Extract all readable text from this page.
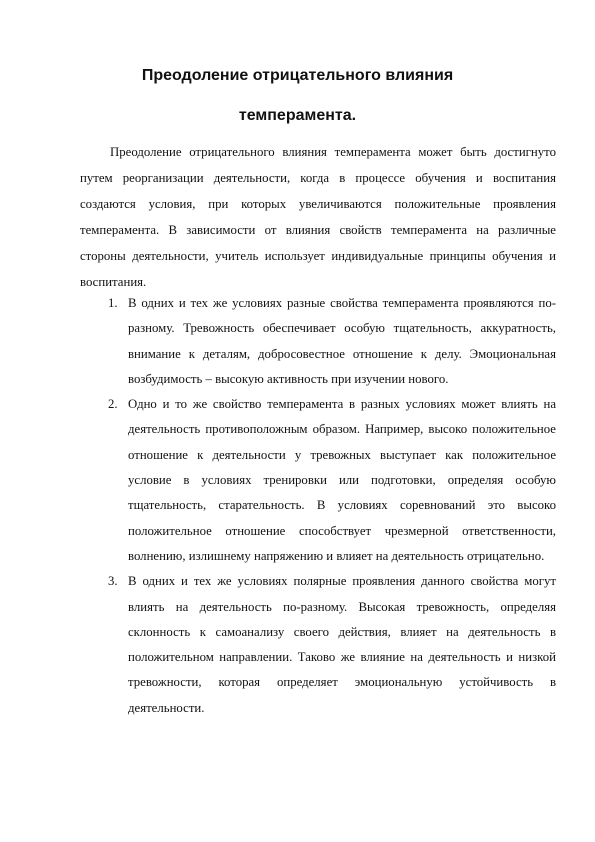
Преодоление отрицательного влияния
темперамента.

Преодоление отрицательного влияния темперамента может быть достигнуто путем реорганизации деятельности, когда в процессе обучения и воспитания создаются условия, при которых увеличиваются положительные проявления темперамента. В зависимости от влияния свойств темперамента на различные стороны деятельности, учитель использует индивидуальные принципы обучения и воспитания.

1. В одних и тех же условиях разные свойства темперамента проявляются по-разному. Тревожность обеспечивает особую тщательность, аккуратность, внимание к деталям, добросовестное отношение к делу. Эмоциональная возбудимость – высокую активность при изучении нового.
2. Одно и то же свойство темперамента в разных условиях может влиять на деятельность противоположным образом. Например, высоко положительное отношение к деятельности у тревожных выступает как положительное условие в условиях тренировки или подготовки, определяя особую тщательность, старательность. В условиях соревнований это высоко положительное отношение способствует чрезмерной ответственности, волнению, излишнему напряжению и влияет на деятельность отрицательно.
3. В одних и тех же условиях полярные проявления данного свойства могут влиять на деятельность по-разному. Высокая тревожность, определяя склонность к самоанализу своего действия, влияет на деятельность в положительном направлении. Таково же влияние на деятельность и низкой тревожности, которая определяет эмоциональную устойчивость в деятельности.
